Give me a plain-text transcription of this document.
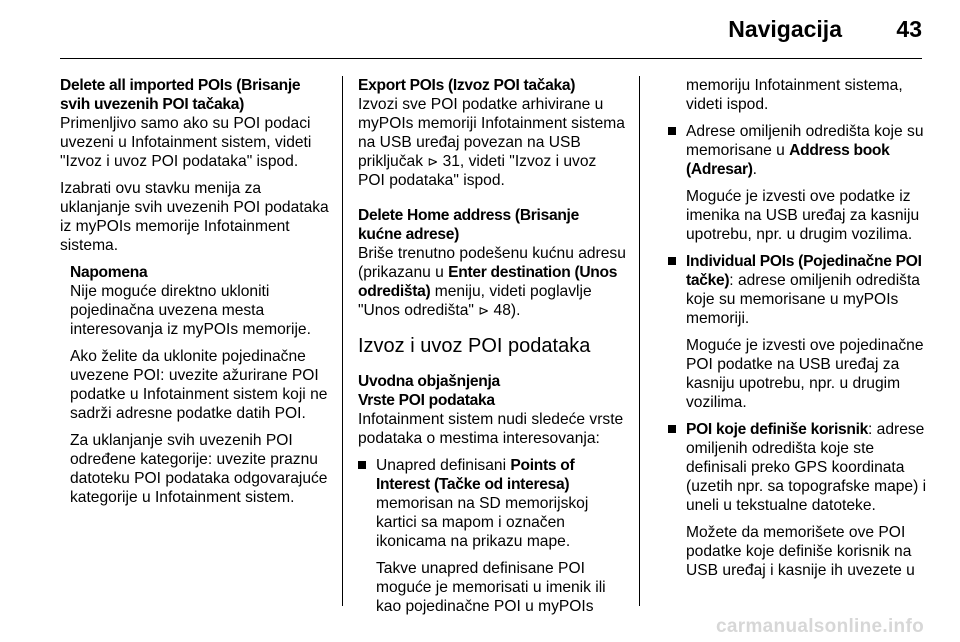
Navigacija 43
Delete all imported POIs (Brisanje svih uvezenih POI tačaka)
Primenljivo samo ako su POI podaci uvezeni u Infotainment sistem, videti "Izvoz i uvoz POI podataka" ispod.
Izabrati ovu stavku menija za uklanjanje svih uvezenih POI podataka iz myPOIs memorije Infotainment sistema.
Napomena
Nije moguće direktno ukloniti pojedinačna uvezena mesta interesovanja iz myPOIs memorije.
Ako želite da uklonite pojedinačne uvezene POI: uvezite ažurirane POI podatke u Infotainment sistem koji ne sadrži adresne podatke datih POI.
Za uklanjanje svih uvezenih POI određene kategorije: uvezite praznu datoteku POI podataka odgovarajuće kategorije u Infotainment sistem.
Export POIs (Izvoz POI tačaka)
Izvozi sve POI podatke arhivirane u myPOIs memoriji Infotainment sistema na USB uređaj povezan na USB priključak ⊳ 31, videti "Izvoz i uvoz POI podataka" ispod.
Delete Home address (Brisanje kućne adrese)
Briše trenutno podešenu kućnu adresu (prikazanu u Enter destination (Unos odredišta) meniju, videti poglavlje "Unos odredišta" ⊳ 48).
Izvoz i uvoz POI podataka
Uvodna objašnjenja
Vrste POI podataka
Infotainment sistem nudi sledeće vrste podataka o mestima interesovanja:
Unapred definisani Points of Interest (Tačke od interesa) memorisan na SD memorijskoj kartici sa mapom i označen ikonicama na prikazu mape.
Takve unapred definisane POI moguće je memorisati u imenik ili kao pojedinačne POI u myPOIs
memoriju Infotainment sistema, videti ispod.
Adrese omiljenih odredišta koje su memorisane u Address book (Adresar).
Moguće je izvesti ove podatke iz imenika na USB uređaj za kasniju upotrebu, npr. u drugim vozilima.
Individual POIs (Pojedinačne POI tačke): adrese omiljenih odredišta koje su memorisane u myPOIs memoriji.
Moguće je izvesti ove pojedinačne POI podatke na USB uređaj za kasniju upotrebu, npr. u drugim vozilima.
POI koje definiše korisnik: adrese omiljenih odredišta koje ste definisali preko GPS koordinata (uzetih npr. sa topografske mape) i uneli u tekstualne datoteke.
Možete da memorišete ove POI podatke koje definiše korisnik na USB uređaj i kasnije ih uvezete u
carmanualsonline.info
